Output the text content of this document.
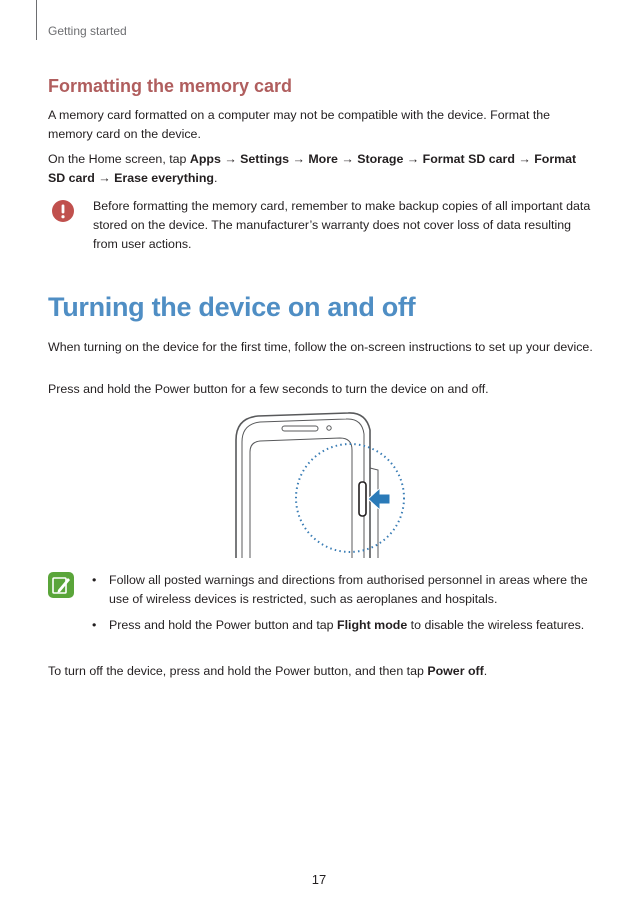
Getting started
Formatting the memory card

A memory card formatted on a computer may not be compatible with the device. Format the memory card on the device.

On the Home screen, tap Apps → Settings → More → Storage → Format SD card → Format SD card → Erase everything.

Before formatting the memory card, remember to make backup copies of all important data stored on the device. The manufacturer’s warranty does not cover loss of data resulting from user actions.

Turning the device on and off

When turning on the device for the first time, follow the on-screen instructions to set up your device.

Press and hold the Power button for a few seconds to turn the device on and off.

• Follow all posted warnings and directions from authorised personnel in areas where the use of wireless devices is restricted, such as aeroplanes and hospitals.
• Press and hold the Power button and tap Flight mode to disable the wireless features.

To turn off the device, press and hold the Power button, and then tap Power off.

17
